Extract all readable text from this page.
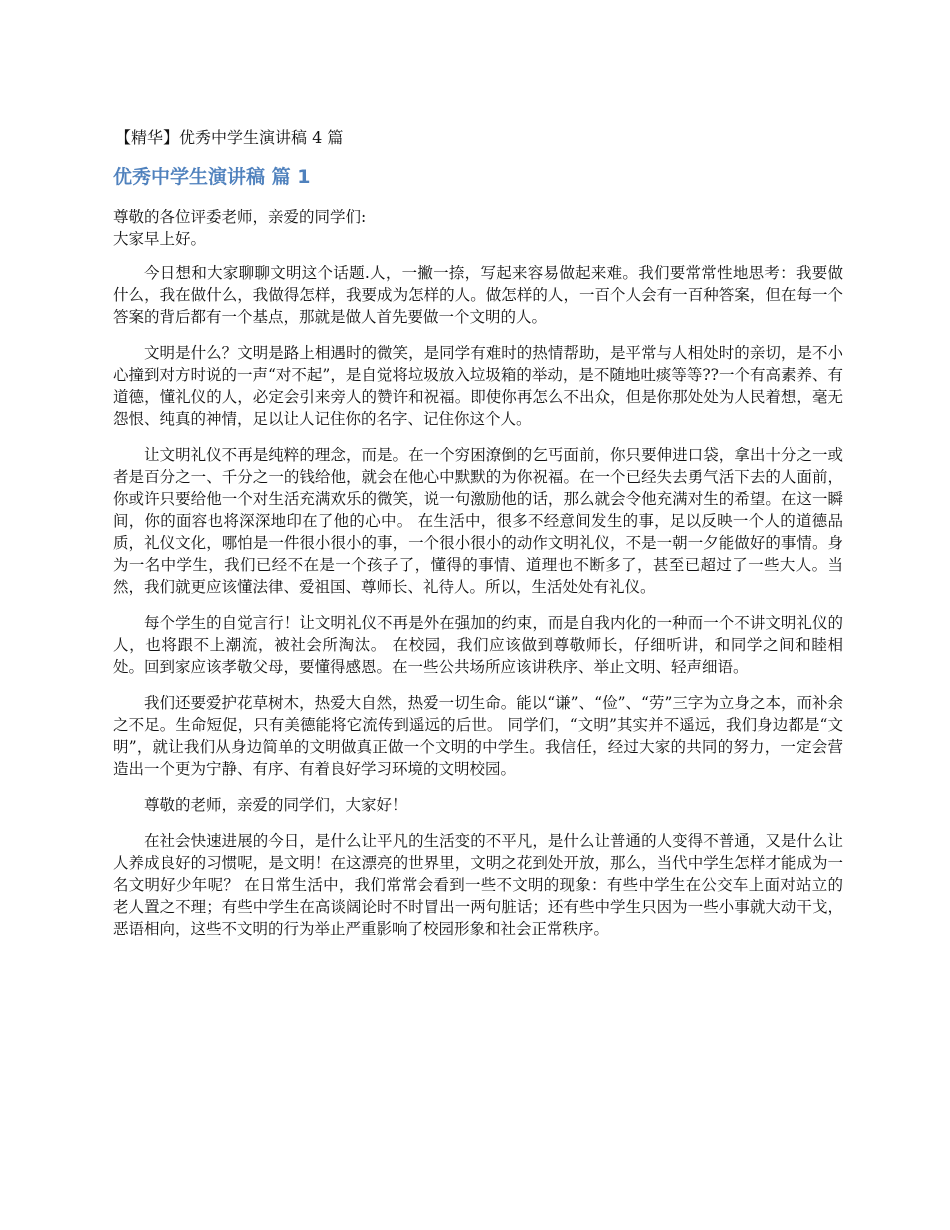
【精华】优秀中学生演讲稿 4 篇
优秀中学生演讲稿 篇 1
尊敬的各位评委老师，亲爱的同学们:
大家早上好。

今日想和大家聊聊文明这个话题.人，一撇一捺，写起来容易做起来难。我们要常常性地思考：我要做什么，我在做什么，我做得怎样，我要成为怎样的人。做怎样的人，一百个人会有一百种答案，但在每一个答案的背后都有一个基点，那就是做人首先要做一个文明的人。

文明是什么？文明是路上相遇时的微笑，是同学有难时的热情帮助，是平常与人相处时的亲切，是不小心撞到对方时说的一声“对不起”，是自觉将垃圾放入垃圾箱的举动，是不随地吐痰等等??一个有高素养、有道德，懂礼仪的人，必定会引来旁人的赞许和祝福。即使你再怎么不出众，但是你那处处为人民着想，毫无怨恨、纯真的神情，足以让人记住你的名字、记住你这个人。

让文明礼仪不再是纯粹的理念，而是。在一个穷困潦倒的乞丐面前，你只要伸进口袋，拿出十分之一或者是百分之一、千分之一的钱给他，就会在他心中默默的为你祝福。在一个已经失去勇气活下去的人面前，你或许只要给他一个对生活充满欢乐的微笑，说一句激励他的话，那么就会令他充满对生的希望。在这一瞬间，你的面容也将深深地印在了他的心中。 在生活中，很多不经意间发生的事，足以反映一个人的道德品质，礼仪文化，哪怕是一件很小很小的事，一个很小很小的动作文明礼仪，不是一朝一夕能做好的事情。身为一名中学生，我们已经不在是一个孩子了，懂得的事情、道理也不断多了，甚至已超过了一些大人。当然，我们就更应该懂法律、爱祖国、尊师长、礼待人。所以，生活处处有礼仪。

每个学生的自觉言行！让文明礼仪不再是外在强加的约束，而是自我内化的一种而一个不讲文明礼仪的人，也将跟不上潮流，被社会所淘汰。 在校园，我们应该做到尊敬师长，仔细听讲，和同学之间和睦相处。回到家应该孝敬父母，要懂得感恩。在一些公共场所应该讲秩序、举止文明、轻声细语。

我们还要爱护花草树木，热爱大自然，热爱一切生命。能以“谦”、“俭”、“劳”三字为立身之本，而补余之不足。生命短促，只有美德能将它流传到遥远的后世。 同学们，“文明”其实并不遥远，我们身边都是“文明”，就让我们从身边简单的文明做真正做一个文明的中学生。我信任，经过大家的共同的努力，一定会营造出一个更为宁静、有序、有着良好学习环境的文明校园。

尊敬的老师，亲爱的同学们，大家好！

在社会快速进展的今日，是什么让平凡的生活变的不平凡，是什么让普通的人变得不普通，又是什么让人养成良好的习惯呢，是文明！在这漂亮的世界里，文明之花到处开放，那么，当代中学生怎样才能成为一名文明好少年呢？ 在日常生活中，我们常常会看到一些不文明的现象：有些中学生在公交车上面对站立的老人置之不理；有些中学生在高谈阔论时不时冒出一两句脏话；还有些中学生只因为一些小事就大动干戈，恶语相向，这些不文明的行为举止严重影响了校园形象和社会正常秩序。
